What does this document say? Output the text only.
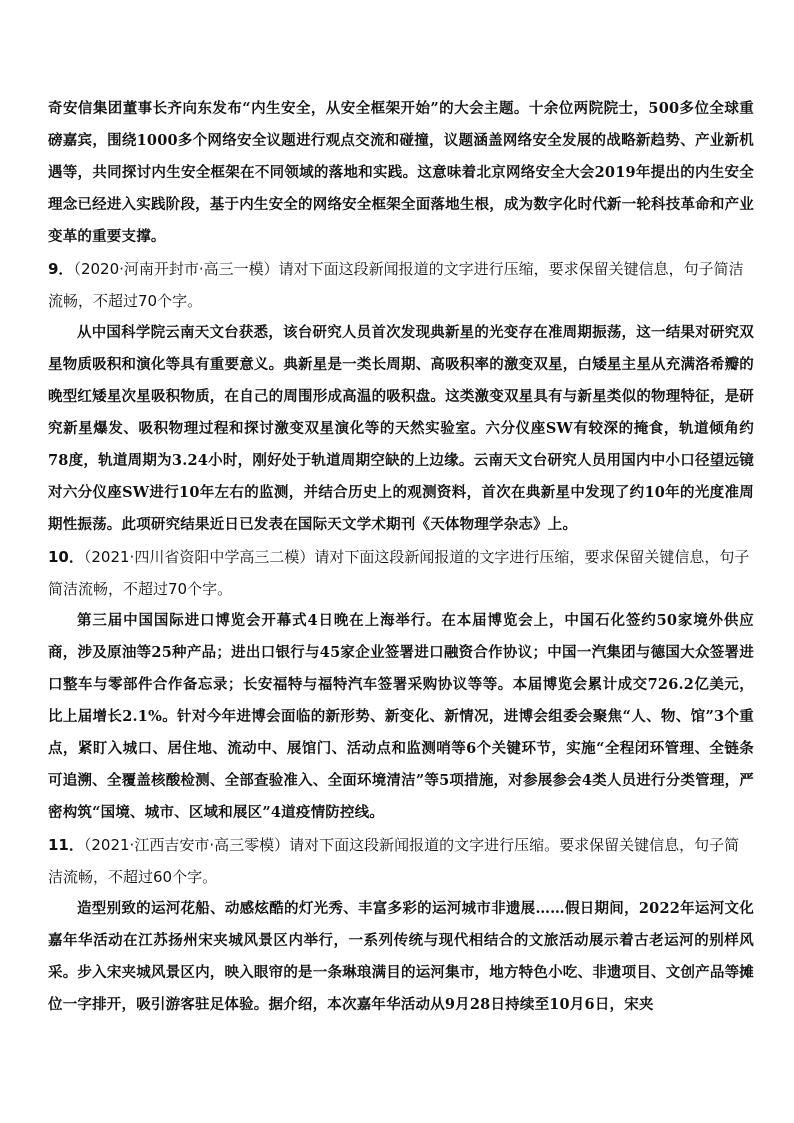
奇安信集团董事长齐向东发布“内生安全，从安全框架开始”的大会主题。十余位两院院士，500多位全球重磅嘉宾，围绕1000多个网络安全议题进行观点交流和碰撞，议题涵盖网络安全发展的战略新趋势、产业新机遇等，共同探讨内生安全框架在不同领域的落地和实践。这意味着北京网络安全大会2019年提出的内生安全理念已经进入实践阶段，基于内生安全的网络安全框架全面落地生根，成为数字化时代新一轮科技革命和产业变革的重要支撑。

9．（2020·河南开封市·高三一模）请对下面这段新闻报道的文字进行压缩，要求保留关键信息，句子简洁流畅，不超过70个字。

从中国科学院云南天文台获悉，该台研究人员首次发现典新星的光变存在准周期振荡，这一结果对研究双星物质吸积和演化等具有重要意义。典新星是一类长周期、高吸积率的激变双星，白矮星主星从充满洛希瓣的晚型红矮星次星吸积物质，在自己的周围形成高温的吸积盘。这类激变双星具有与新星类似的物理特征，是研究新星爆发、吸积物理过程和探讨激变双星演化等的天然实验室。六分仪座SW有较深的掩食，轨道倾角约78度，轨道周期为3.24小时，刚好处于轨道周期空缺的上边缘。云南天文台研究人员用国内中小口径望远镜对六分仪座SW进行10年左右的监测，并结合历史上的观测资料，首次在典新星中发现了约10年的光度准周期性振荡。此项研究结果近日已发表在国际天文学术期刊《天体物理学杂志》上。

10．（2021·四川省资阳中学高三二模）请对下面这段新闻报道的文字进行压缩，要求保留关键信息，句子简洁流畅，不超过70个字。

第三届中国国际进口博览会开幕式4日晚在上海举行。在本届博览会上，中国石化签约50家境外供应商，涉及原油等25种产品；进出口银行与45家企业签署进口融资合作协议；中国一汽集团与德国大众签署进口整车与零部件合作备忘录；长安福特与福特汽车签署采购协议等等。本届博览会累计成交726.2亿美元，比上届增长2.1%。针对今年进博会面临的新形势、新变化、新情况，进博会组委会聚焦“人、物、馆”3个重点，紧盯入城口、居住地、流动中、展馆门、活动点和监测哨等6个关键环节，实施“全程闭环管理、全链条可追溯、全覆盖核酸检测、全部查验准入、全面环境清洁”等5项措施，对参展参会4类人员进行分类管理，严密构筑“国境、城市、区域和展区”4道疫情防控线。

11．（2021·江西吉安市·高三零模）请对下面这段新闻报道的文字进行压缩。要求保留关键信息，句子简洁流畅，不超过60个字。

造型别致的运河花船、动感炫酷的灯光秀、丰富多彩的运河城市非遗展……假日期间，2022年运河文化嘉年华活动在江苏扬州宋夹城风景区内举行，一系列传统与现代相结合的文旅活动展示着古老运河的别样风采。步入宋夹城风景区内，映入眼帘的是一条琳琅满目的运河集市，地方特色小吃、非遗项目、文创产品等摊位一字排开，吸引游客驻足体验。据介绍，本次嘉年华活动从9月28日持续至10月6日，宋夹
